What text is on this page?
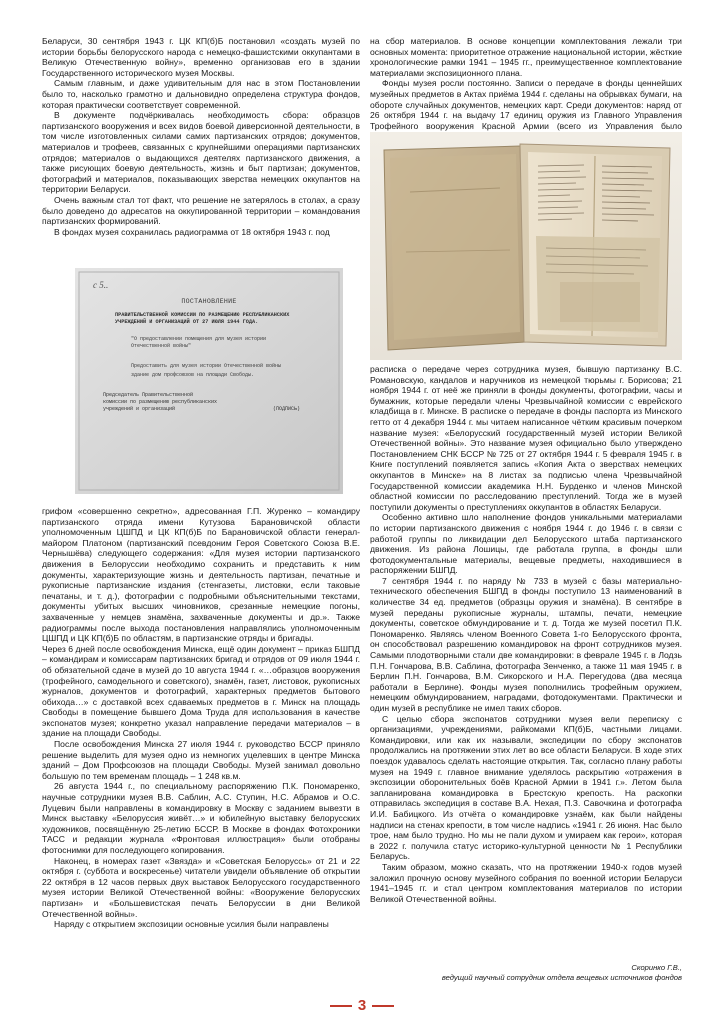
Беларуси, 30 сентября 1943 г. ЦК КП(б)Б постановил «создать музей по истории борьбы белорусского народа с немецко-фашистскими оккупантами в Великую Отечественную войну», временно организовав его в здании Государственного исторического музея Москвы.

Самым главным, и даже удивительным для нас в этом Постановлении было то, насколько грамотно и дальновидно определена структура фондов, которая практически соответствует современной.

В документе подчёркивалась необходимость сбора: образцов партизанского вооружения и всех видов боевой диверсионной деятельности, в том числе изготовленных силами самих партизанских отрядов; документов, материалов и трофеев, связанных с крупнейшими операциями партизанских отрядов; материалов о выдающихся деятелях партизанского движения, а также рисующих боевую деятельность, жизнь и быт партизан; документов, фотографий и материалов, показывающих зверства немецких оккупантов на территории Беларуси.

Очень важным стал тот факт, что решение не затерялось в столах, а сразу было доведено до адресатов на оккупированной территории – командования партизанских формирований.

В фондах музея сохранилась радиограмма от 18 октября 1943 г. под

с 5..
ПОСТАНОВЛЕНИЕ
ПРАВИТЕЛЬСТВЕННОЙ КОМИССИИ ПО РАЗМЕЩЕНИЮ РЕСПУБЛИКАНСКИХ
УЧРЕЖДЕНИЙ И ОРГАНИЗАЦИЙ ОТ 27 ИЮЛЯ 1944 ГОДА.
"О предоставлении помещения для музея истории Отечественной войны"
Предоставить для музея истории Отечественной войны
здание дом профсоюзов на площади Свободы.
Председатель Правительственной
комиссии по размещению республиканских
учреждений и организаций	(ПОДПИСЬ)

грифом «совершенно секретно», адресованная Г.П. Журенко – командиру партизанского отряда имени Кутузова Барановичской области уполномоченным ЦШПД и ЦК КП(б)Б по Барановичской области генерал-майором Платоном (партизанский псевдоним Героя Советского Союза В.Е. Чернышёва) следующего содержания: «Для музея истории партизанского движения в Белоруссии необходимо сохранить и представить к ним документы, характеризующие жизнь и деятельность партизан, печатные и рукописные партизанские издания (стенгазеты, листовки, если таковые печатаны, и т. д.), фотографии с подробными объяснительными текстами, документы убитых высших чиновников, срезанные немецкие погоны, захваченные у немцев знамёна, захваченные документы и др.». Также радиограммы после выхода постановления направлялись уполномоченным ЦШПД и ЦК КП(б)Б по областям, в партизанские отряды и бригады.

Через 6 дней после освобождения Минска, ещё один документ – приказ БШПД – командирам и комиссарам партизанских бригад и отрядов от 09 июля 1944 г. об обязательной сдаче в музей до 10 августа 1944 г. «…образцов вооружения (трофейного, самодельного и советского), знамён, газет, листовок, рукописных журналов, документов и фотографий, характерных предметов бытового обихода…» с доставкой всех сдаваемых предметов в г. Минск на площадь Свободы в помещение бывшего Дома Труда для использования в качестве экспонатов музея; конкретно указал направление передачи материалов – в здание на площади Свободы.

После освобождения Минска 27 июля 1944 г. руководство БССР приняло решение выделить для музея одно из немногих уцелевших в центре Минска зданий – Дом Профсоюзов на площади Свободы. Музей занимал довольно большую по тем временам площадь – 1 248 кв.м.

26 августа 1944 г., по специальному распоряжению П.К. Пономаренко, научные сотрудники музея В.В. Саблин, А.С. Ступин, Н.С. Абрамов и О.С. Луцевич были направлены в командировку в Москву с заданием вывезти в Минск выставку «Белоруссия живёт…» и юбилейную выставку белорусских художников, посвящённую 25-летию БССР. В Москве в фондах Фотохроники ТАСС и редакции журнала «Фронтовая иллюстрация» были отобраны фотоснимки для последующего копирования.

Наконец, в номерах газет «Звязда» и «Советская Белоруссь» от 21 и 22 октября г. (суббота и воскресенье) читатели увидели объявление об открытии 22 октября в 12 часов первых двух выставок Белорусского государственного музея истории Великой Отечественной войны: «Вооружение белорусских партизан» и «Большевистская печать Белоруссии в дни Великой Отечественной войны».

Наряду с открытием экспозиции основные усилия были направлены

на сбор материалов. В основе концепции комплектования лежали три основных момента: приоритетное отражение национальной истории, жёсткие хронологические рамки 1941 – 1945 гг., преимущественное комплектование материалами экспозиционного плана.

Фонды музея росли постоянно. Записи о передаче в фонды ценнейших музейных предметов в Актах приёма 1944 г. сделаны на обрывках бумаги, на обороте случайных документов, немецких карт. Среди документов: наряд от 26 октября 1944 г. на выдачу 17 единиц оружия из Главного Управления Трофейного вооружения Красной Армии (всего из Управления было

расписка о передаче через сотрудника музея, бывшую партизанку В.С. Романовскую, кандалов и наручников из немецкой тюрьмы г. Борисова; 21 ноября 1944 г. от неё же приняли в фонды документы, фотографии, часы и бумажник, которые передали члены Чрезвычайной комиссии с еврейского кладбища в г. Минске. В расписке о передаче в фонды паспорта из Минского гетто от 4 декабря 1944 г. мы читаем написанное чётким красивым почерком название музея: «Белорусский государственный музей истории Великой Отечественной войны». Это название музея официально было утверждено Постановлением СНК БССР № 725 от 27 октября 1944 г. 5 февраля 1945 г. в Книге поступлений появляется запись «Копия Акта о зверствах немецких оккупантов в Минске» на 8 листах за подписью члена Чрезвычайной Государственной комиссии академика Н.Н. Бурденко и членов Минской областной комиссии по расследованию преступлений. Тогда же в музей поступили документы о преступлениях оккупантов в областях Беларуси.

Особенно активно шло наполнение фондов уникальными материалами по истории партизанского движения с ноября 1944 г. до 1946 г. в связи с работой группы по ликвидации дел Белорусского штаба партизанского движения. Из района Лошицы, где работала группа, в фонды шли фотодокументальные материалы, вещевые предметы, находившиеся в распоряжении БШПД.

7 сентября 1944 г. по наряду № 733 в музей с базы материально-технического обеспечения БШПД в фонды поступило 13 наименований в количестве 34 ед. предметов (образцы оружия и знамёна). В сентябре в музей переданы рукописные журналы, штампы, печати, немецкие документы, советское обмундирование и т. д. Тогда же музей посетил П.К. Пономаренко. Являясь членом Военного Совета 1-го Белорусского фронта, он способствовал разрешению командировок на фронт сотрудников музея. Самыми плодотворными стали две командировки: в феврале 1945 г. в Лодзь П.Н. Гончарова, В.В. Саблина, фотографа Зенченко, а также 11 мая 1945 г. в Берлин П.Н. Гончарова, В.М. Сикорского и Н.А. Перегудова (два месяца работали в Берлине). Фонды музея пополнились трофейным оружием, немецким обмундированием, наградами, фотодокументами. Практически и один музей в республике не имел таких сборов.

С целью сбора экспонатов сотрудники музея вели переписку с организациями, учреждениями, райкомами КП(б)Б, частными лицами. Командировки, или как их называли, экспедиции по сбору экспонатов продолжались на протяжении этих лет во все области Беларуси. В ходе этих поездок удавалось сделать настоящие открытия. Так, согласно плану работы музея на 1949 г. главное внимание уделялось раскрытию «отражения в экспозиции оборонительных боёв Красной Армии в 1941 г.». Летом была запланирована командировка в Брестскую крепость. На раскопки отправилась экспедиция в составе В.А. Нехая, П.З. Савочкина и фотографа И.И. Бабицкого. Из отчёта о командировке узнаём, как были найдены надписи на стенах крепости, в том числе надпись «1941 г. 26 июня. Нас было трое, нам было трудно. Но мы не пали духом и умираем как герои», которая в 2022 г. получила статус историко-культурной ценности № 1 Республики Беларусь.

Таким образом, можно сказать, что на протяжении 1940-х годов музей заложил прочную основу музейного собрания по военной истории Беларуси 1941–1945 гг. и стал центром комплектования материалов по истории Великой Отечественной войны.

Скоринко Г.В.,
ведущий научный сотрудник отдела вещевых источников фондов
3
